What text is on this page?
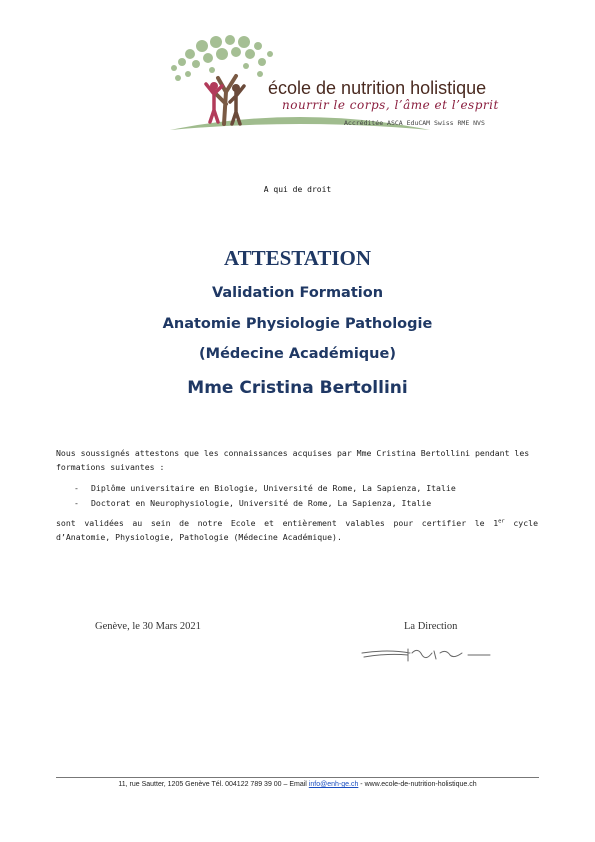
école de nutrition holistique
nourrir le corps, l’âme et l’esprit
Accréditée ASCA EduCAM Swiss RME NVS
A qui de droit
ATTESTATION
Validation Formation
Anatomie Physiologie Pathologie
(Médecine Académique)
Mme Cristina Bertollini
Nous soussignés attestons que les connaissances acquises par Mme Cristina Bertollini pendant les formations suivantes :
- Diplôme universitaire en Biologie, Université de Rome, La Sapienza, Italie
- Doctorat en Neurophysiologie, Université de Rome, La Sapienza, Italie
sont validées au sein de notre Ecole et entièrement valables pour certifier le 1er cycle d’Anatomie, Physiologie, Pathologie (Médecine Académique).
Genève, le 30 Mars 2021	La Direction
11, rue Sautter, 1205 Genève Tél. 004122 789 39 00 – Email info@enh-ge.ch - www.ecole-de-nutrition-holistique.ch
